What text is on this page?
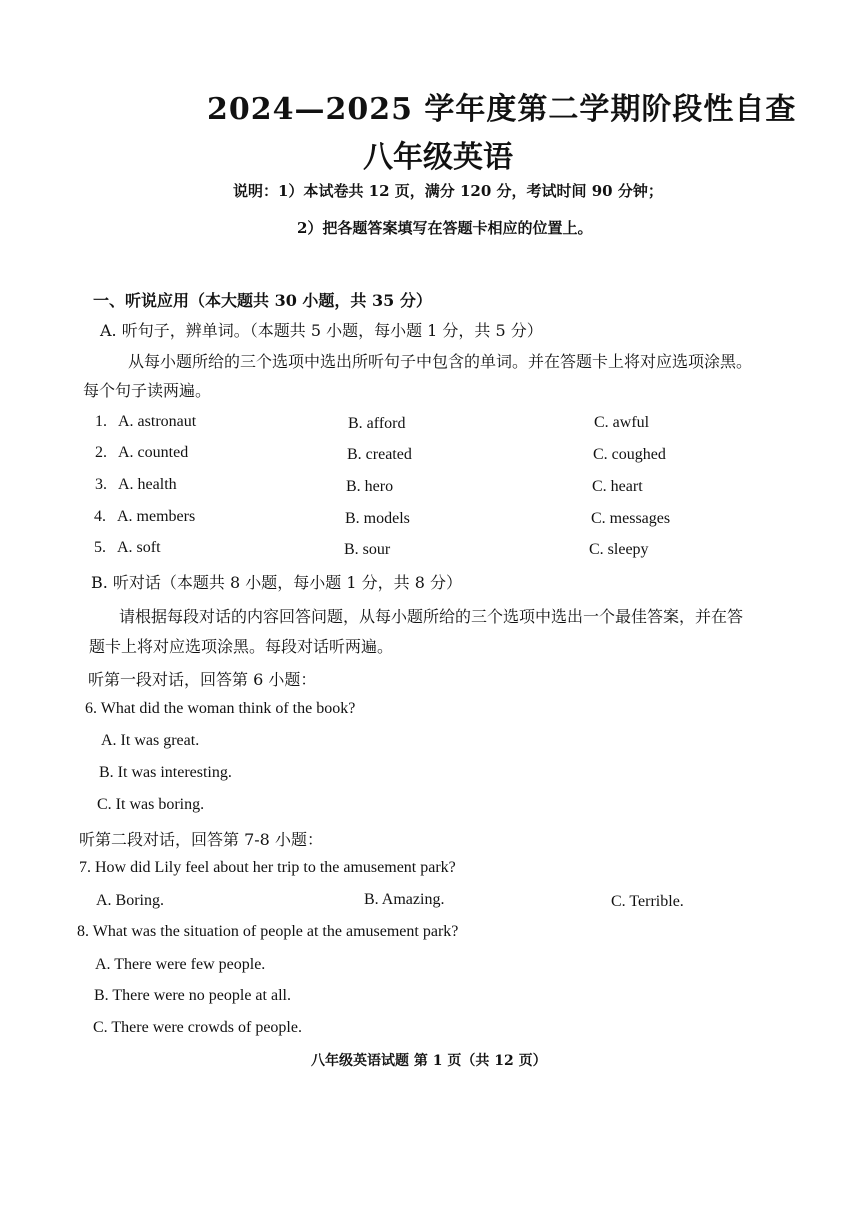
2024—2025 学年度第二学期阶段性自查
八年级英语
说明：1）本试卷共 12 页，满分 120 分，考试时间 90 分钟；
2）把各题答案填写在答题卡相应的位置上。
一、听说应用（本大题共 30 小题，共 35 分）
A. 听句子，辨单词。（本题共 5 小题，每小题 1 分，共 5 分）
从每小题所给的三个选项中选出所听句子中包含的单词。并在答题卡上将对应选项涂黑。
每个句子读两遍。
1. A. astronaut	B. afford	C. awful
2. A. counted	B. created	C. coughed
3. A. health	B. hero	C. heart
4. A. members	B. models	C. messages
5. A. soft	B. sour	C. sleepy
B. 听对话（本题共 8 小题，每小题 1 分，共 8 分）
请根据每段对话的内容回答问题，从每小题所给的三个选项中选出一个最佳答案，并在答
题卡上将对应选项涂黑。每段对话听两遍。
听第一段对话，回答第 6 小题：
6. What did the woman think of the book?
A. It was great.
B. It was interesting.
C. It was boring.
听第二段对话，回答第 7-8 小题：
7. How did Lily feel about her trip to the amusement park?
A. Boring.	B. Amazing.	C. Terrible.
8. What was the situation of people at the amusement park?
A. There were few people.
B. There were no people at all.
C. There were crowds of people.
八年级英语试题 第 1 页（共 12 页）
